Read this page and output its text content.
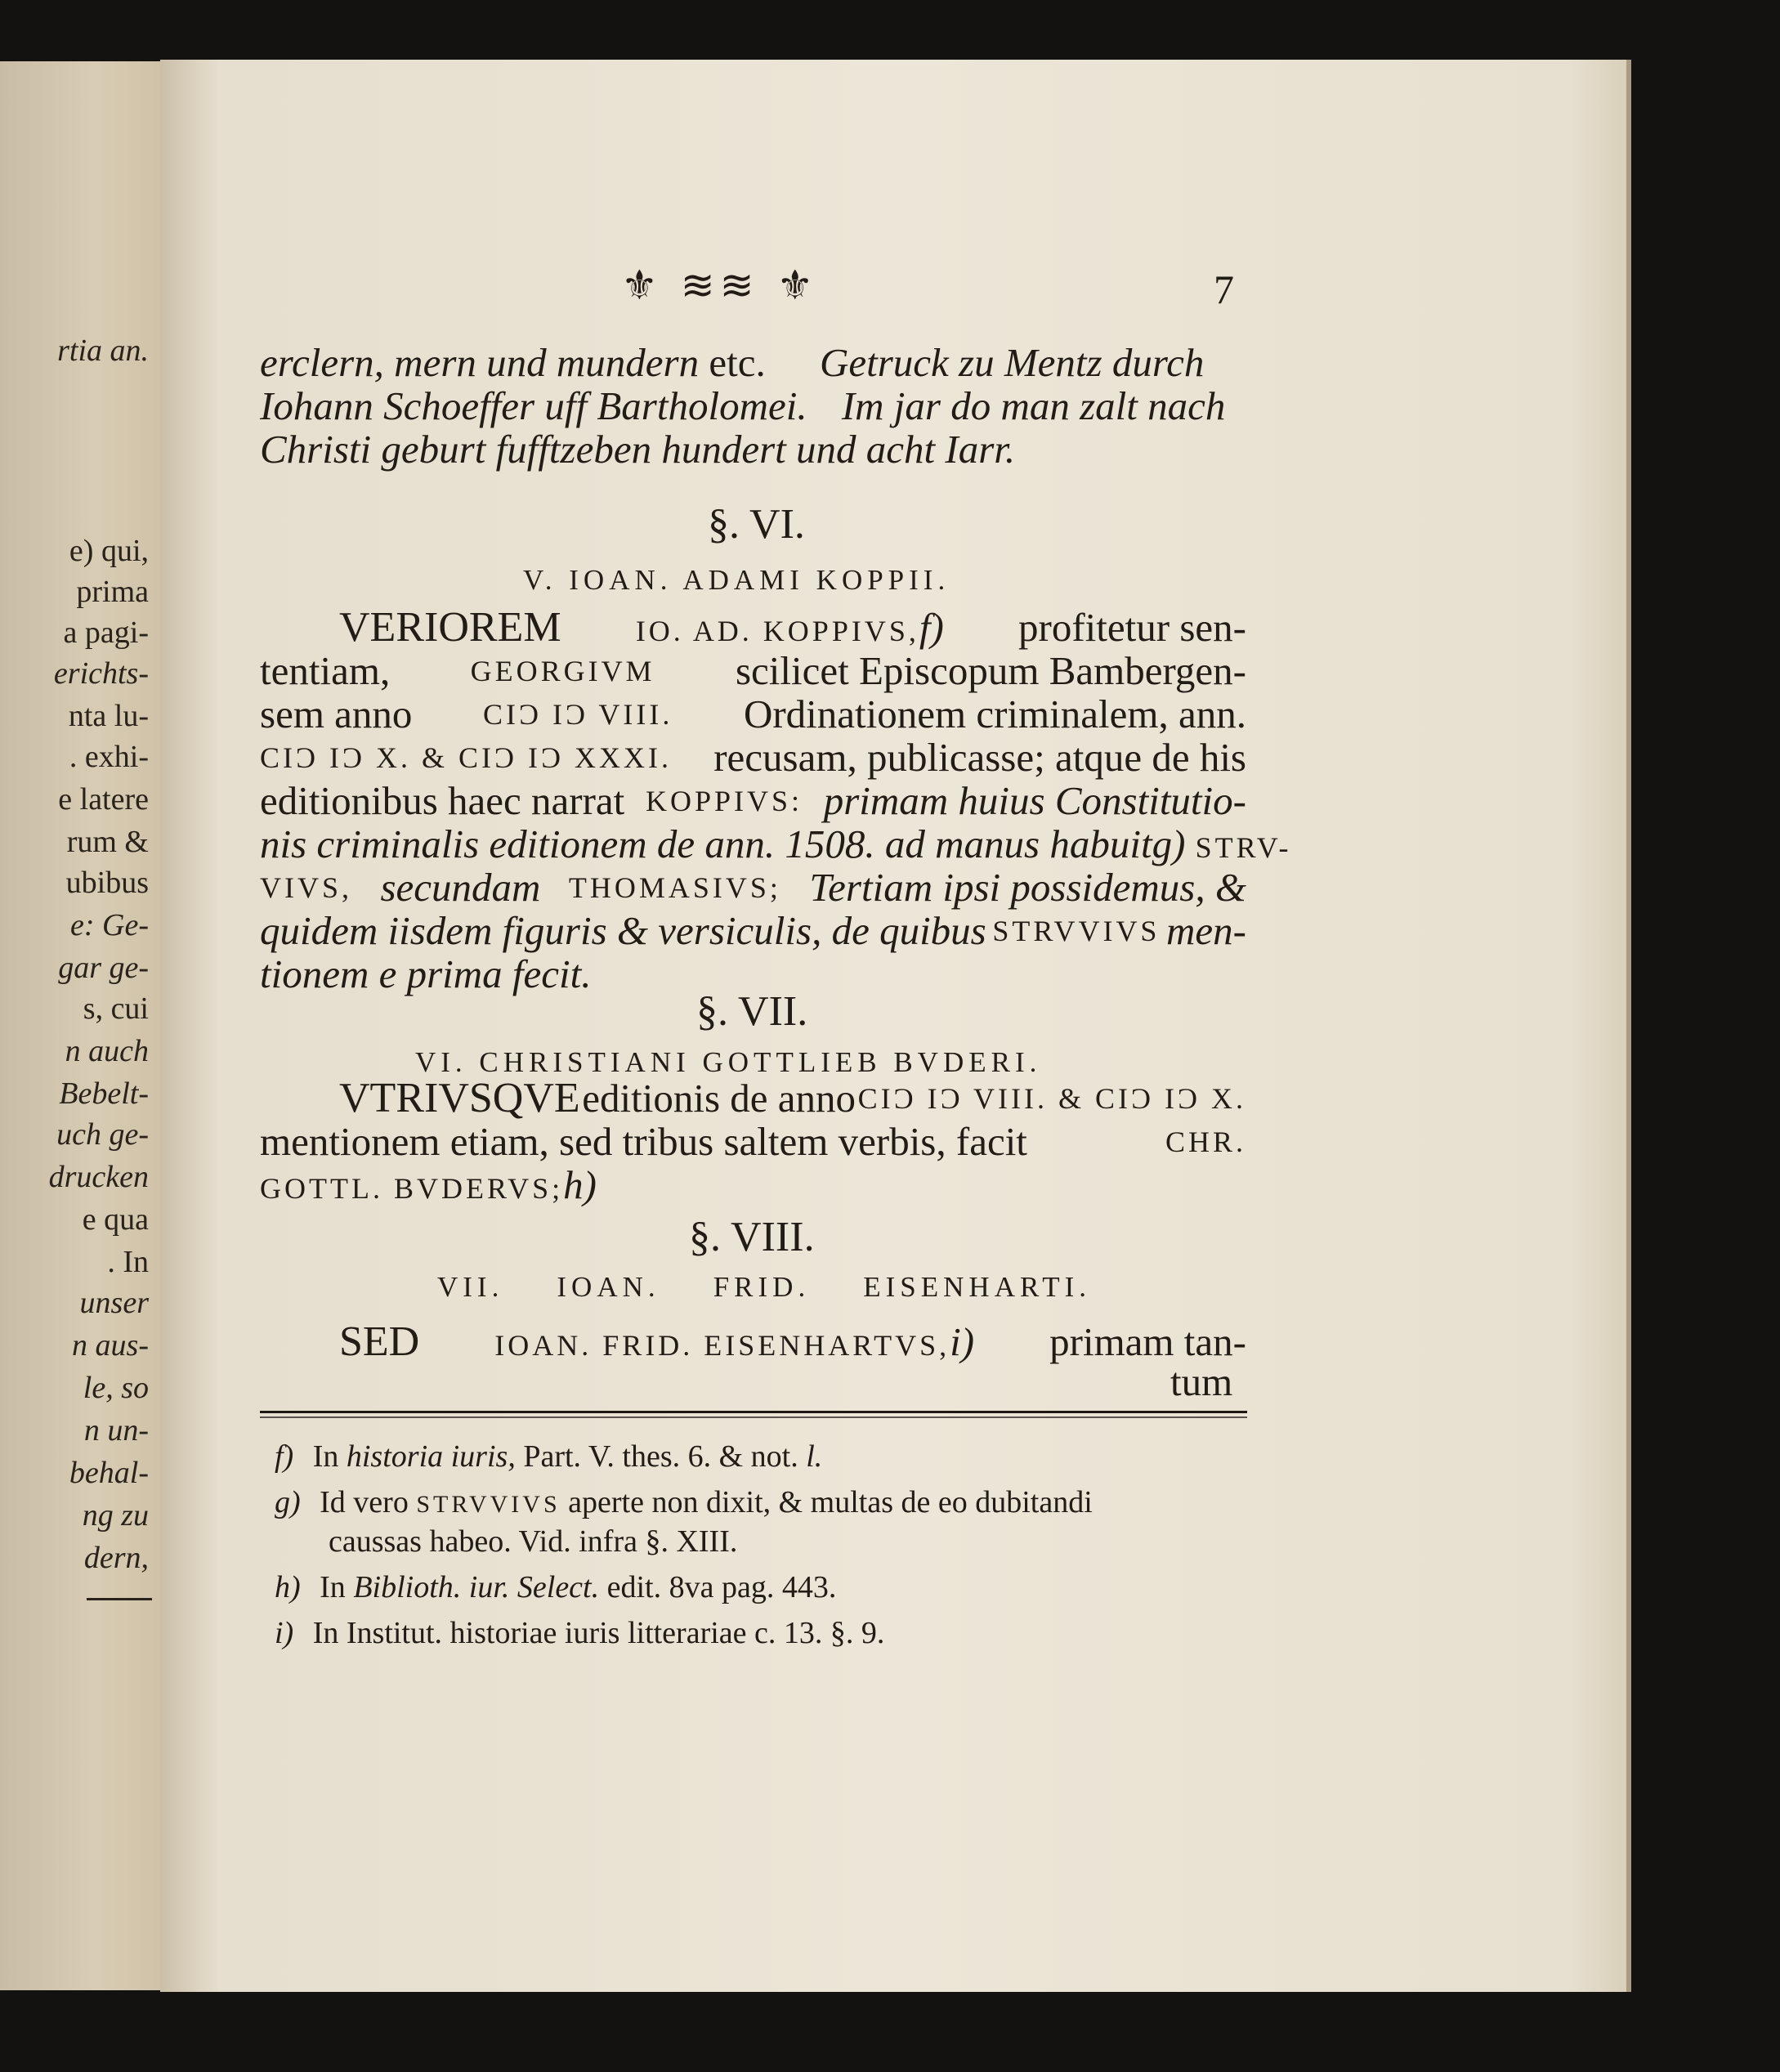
rtia an.
e) qui,
prima
a pagi-
erichts-
nta lu-
. exhi-
e latere
rum &
ubibus
e: Ge-
gar ge-
s, cui
n auch
Bebelt-
uch ge-
drucken
e qua
. In
unser
n aus-
le, so
n un-
behal-
ng zu
dern,
⚜ ≋≋ ⚜	7
erclern, mern und mundern etc. Getruck zu Mentz durch
Iohann Schoeffer uff Bartholomei. Im jar do man zalt nach
Christi geburt fufftzeben hundert und acht Iarr.
§. VI.
V. IOAN. ADAMI KOPPII.
VERIOREM	IO. AD. KOPPIVS,f) profitetur sen-
tentiam,	GEORGIVM scilicet Episcopum Bambergen-
sem anno CIƆ IƆ VIII. Ordinationem criminalem, ann.
CIƆ IƆ X. & CIƆ IƆ XXXI. recusam, publicasse; atque de his
editionibus haec narrat KOPPIVS: primam huius Constitutio-
nis criminalis editionem de ann. 1508. ad manus habuit g) STRV-
VIVS, secundam THOMASIVS; Tertiam ipsi possidemus, &
quidem iisdem figuris & versiculis, de quibus STRVVIVS men-
tionem e prima fecit.
§. VII.
VI. CHRISTIANI GOTTLIEB BVDERI.
VTRIVSQVE editionis de anno CIƆ IƆ VIII. & CIƆ IƆ X.
mentionem etiam, sed tribus saltem verbis, facit	CHR.
GOTTL. BVDERVS;h)
§. VIII.
VII. IOAN. FRID. EISENHARTI.
SED	IOAN. FRID. EISENHARTVS,i) primam tan-
tum
f) In historia iuris, Part. V. thes. 6. & not. l.
g) Id vero STRVVIVS aperte non dixit, & multas de eo dubitandi
caussas habeo. Vid. infra §. XIII.
h) In Biblioth. iur. Select. edit. 8va pag. 443.
i) In Institut. historiae iuris litterariae c. 13. §. 9.
